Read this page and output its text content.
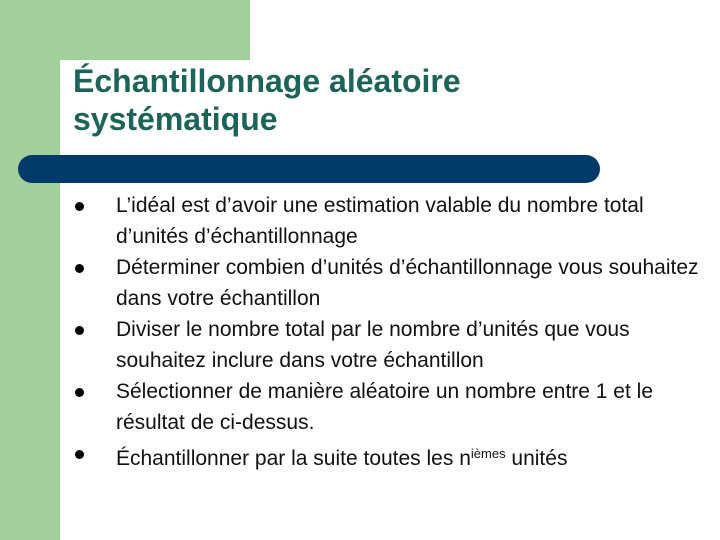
Échantillonnage aléatoire
systématique
L’idéal est d’avoir une estimation valable du nombre total d’unités d’échantillonnage
Déterminer combien d’unités d’échantillonnage vous souhaitez dans votre échantillon
Diviser le nombre total par le nombre d’unités que vous souhaitez inclure dans votre échantillon
Sélectionner de manière aléatoire un nombre entre 1 et le résultat de ci-dessus.
Échantillonner par la suite toutes les $n^{ièmes}$ unités
